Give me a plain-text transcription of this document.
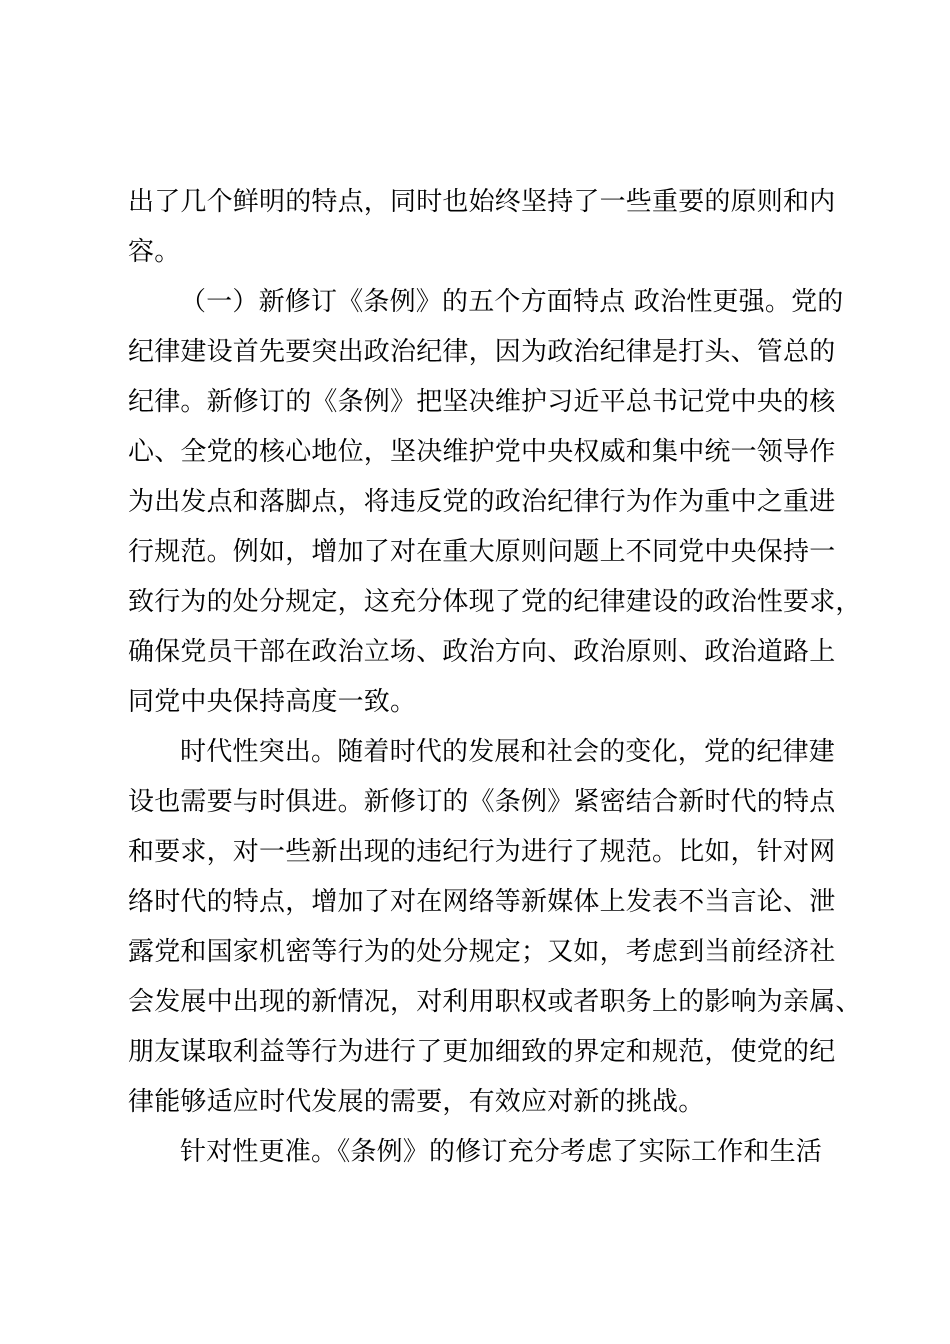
出了几个鲜明的特点，同时也始终坚持了一些重要的原则和内
容。
（一）新修订《条例》的五个方面特点 政治性更强。党的
纪律建设首先要突出政治纪律，因为政治纪律是打头、管总的
纪律。新修订的《条例》把坚决维护习近平总书记党中央的核
心、全党的核心地位，坚决维护党中央权威和集中统一领导作
为出发点和落脚点，将违反党的政治纪律行为作为重中之重进
行规范。例如，增加了对在重大原则问题上不同党中央保持一
致行为的处分规定，这充分体现了党的纪律建设的政治性要求，
确保党员干部在政治立场、政治方向、政治原则、政治道路上
同党中央保持高度一致。
时代性突出。随着时代的发展和社会的变化，党的纪律建
设也需要与时俱进。新修订的《条例》紧密结合新时代的特点
和要求，对一些新出现的违纪行为进行了规范。比如，针对网
络时代的特点，增加了对在网络等新媒体上发表不当言论、泄
露党和国家机密等行为的处分规定；又如，考虑到当前经济社
会发展中出现的新情况，对利用职权或者职务上的影响为亲属、
朋友谋取利益等行为进行了更加细致的界定和规范，使党的纪
律能够适应时代发展的需要，有效应对新的挑战。
针对性更准。《条例》的修订充分考虑了实际工作和生活
